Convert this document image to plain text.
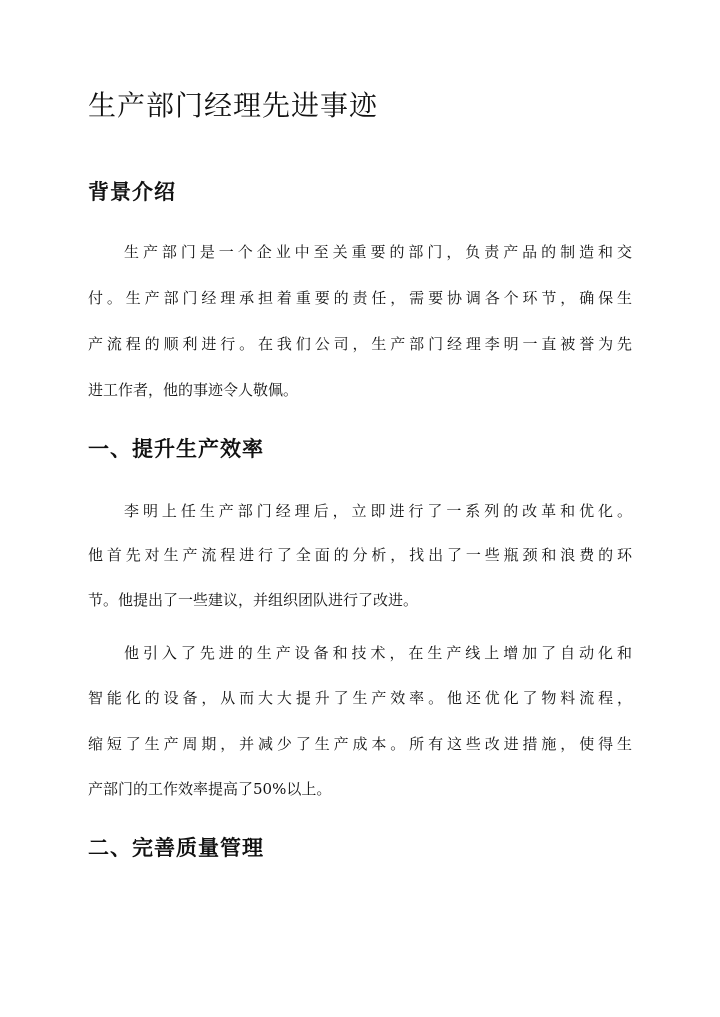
生产部门经理先进事迹
背景介绍

生产部门是一个企业中至关重要的部门，负责产品的制造和交

付。生产部门经理承担着重要的责任，需要协调各个环节，确保生

产流程的顺利进行。在我们公司，生产部门经理李明一直被誉为先

进工作者，他的事迹令人敬佩。

一、提升生产效率

李明上任生产部门经理后，立即进行了一系列的改革和优化。

他首先对生产流程进行了全面的分析，找出了一些瓶颈和浪费的环

节。他提出了一些建议，并组织团队进行了改进。

他引入了先进的生产设备和技术，在生产线上增加了自动化和

智能化的设备，从而大大提升了生产效率。他还优化了物料流程，

缩短了生产周期，并减少了生产成本。所有这些改进措施，使得生

产部门的工作效率提高了50%以上。

二、完善质量管理
